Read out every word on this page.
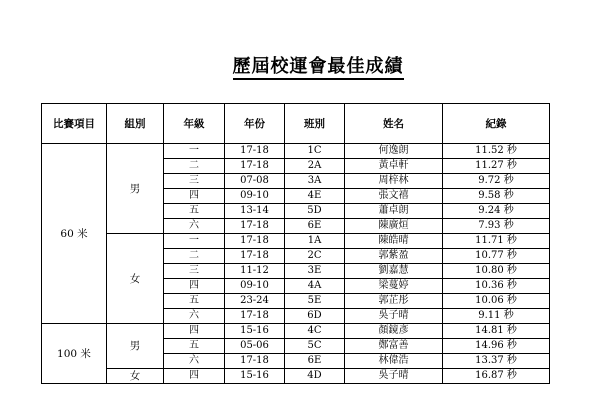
歷屆校運會最佳成績
比賽項目	組別	年級	年份	班別	姓名	紀錄
60 米	男	一	17-18	1C	何逸朗	11.52 秒
		二	17-18	2A	黃卓軒	11.27 秒
		三	07-08	3A	周梓林	9.72 秒
		四	09-10	4E	張文禧	9.58 秒
		五	13-14	5D	蕭卓朗	9.24 秒
		六	17-18	6E	陳廣烜	7.93 秒
	女	一	17-18	1A	陳皓晴	11.71 秒
		二	17-18	2C	郭紫盈	10.77 秒
		三	11-12	3E	劉嘉慧	10.80 秒
		四	09-10	4A	梁蔓婷	10.36 秒
		五	23-24	5E	郭芷彤	10.06 秒
		六	17-18	6D	吳子晴	9.11 秒
100 米	男	四	15-16	4C	顏鏡彥	14.81 秒
		五	05-06	5C	鄭富善	14.96 秒
		六	17-18	6E	林偉浩	13.37 秒
	女	四	15-16	4D	吳子晴	16.87 秒
